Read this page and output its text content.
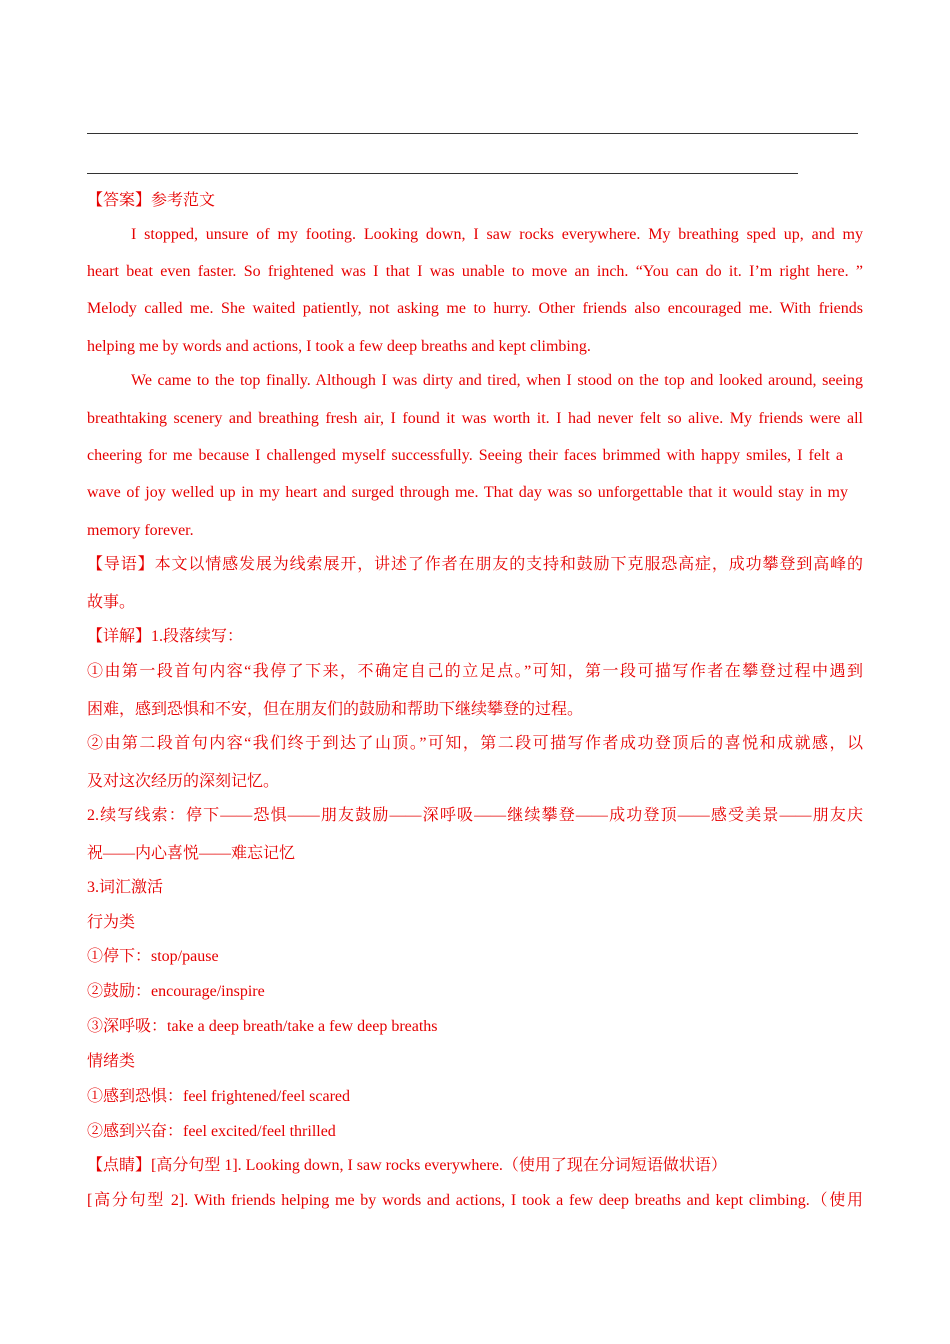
【答案】参考范文
I stopped, unsure of my footing. Looking down, I saw rocks everywhere. My breathing sped up, and my
heart beat even faster. So frightened was I that I was unable to move an inch. “You can do it. I’m right here. ”
Melody called me. She waited patiently, not asking me to hurry. Other friends also encouraged me. With friends
helping me by words and actions, I took a few deep breaths and kept climbing.
We came to the top finally. Although I was dirty and tired, when I stood on the top and looked around, seeing
breathtaking scenery and breathing fresh air, I found it was worth it. I had never felt so alive. My friends were all
cheering for me because I challenged myself successfully. Seeing their faces brimmed with happy smiles, I felt a
wave of joy welled up in my heart and surged through me. That day was so unforgettable that it would stay in my
memory forever.
【导语】本文以情感发展为线索展开，讲述了作者在朋友的支持和鼓励下克服恐高症，成功攀登到高峰的
故事。
【详解】1.段落续写：
①由第一段首句内容“我停了下来，不确定自己的立足点。”可知，第一段可描写作者在攀登过程中遇到
困难，感到恐惧和不安，但在朋友们的鼓励和帮助下继续攀登的过程。
②由第二段首句内容“我们终于到达了山顶。”可知，第二段可描写作者成功登顶后的喜悦和成就感，以
及对这次经历的深刻记忆。
2.续写线索：停下——恐惧——朋友鼓励——深呼吸——继续攀登——成功登顶——感受美景——朋友庆
祝——内心喜悦——难忘记忆
3.词汇激活
行为类
①停下：stop/pause
②鼓励：encourage/inspire
③深呼吸：take a deep breath/take a few deep breaths
情绪类
①感到恐惧：feel frightened/feel scared
②感到兴奋：feel excited/feel thrilled
【点睛】[高分句型 1]. Looking down, I saw rocks everywhere.（使用了现在分词短语做状语）
[高分句型 2]. With friends helping me by words and actions, I took a few deep breaths and kept climbing.（使用
